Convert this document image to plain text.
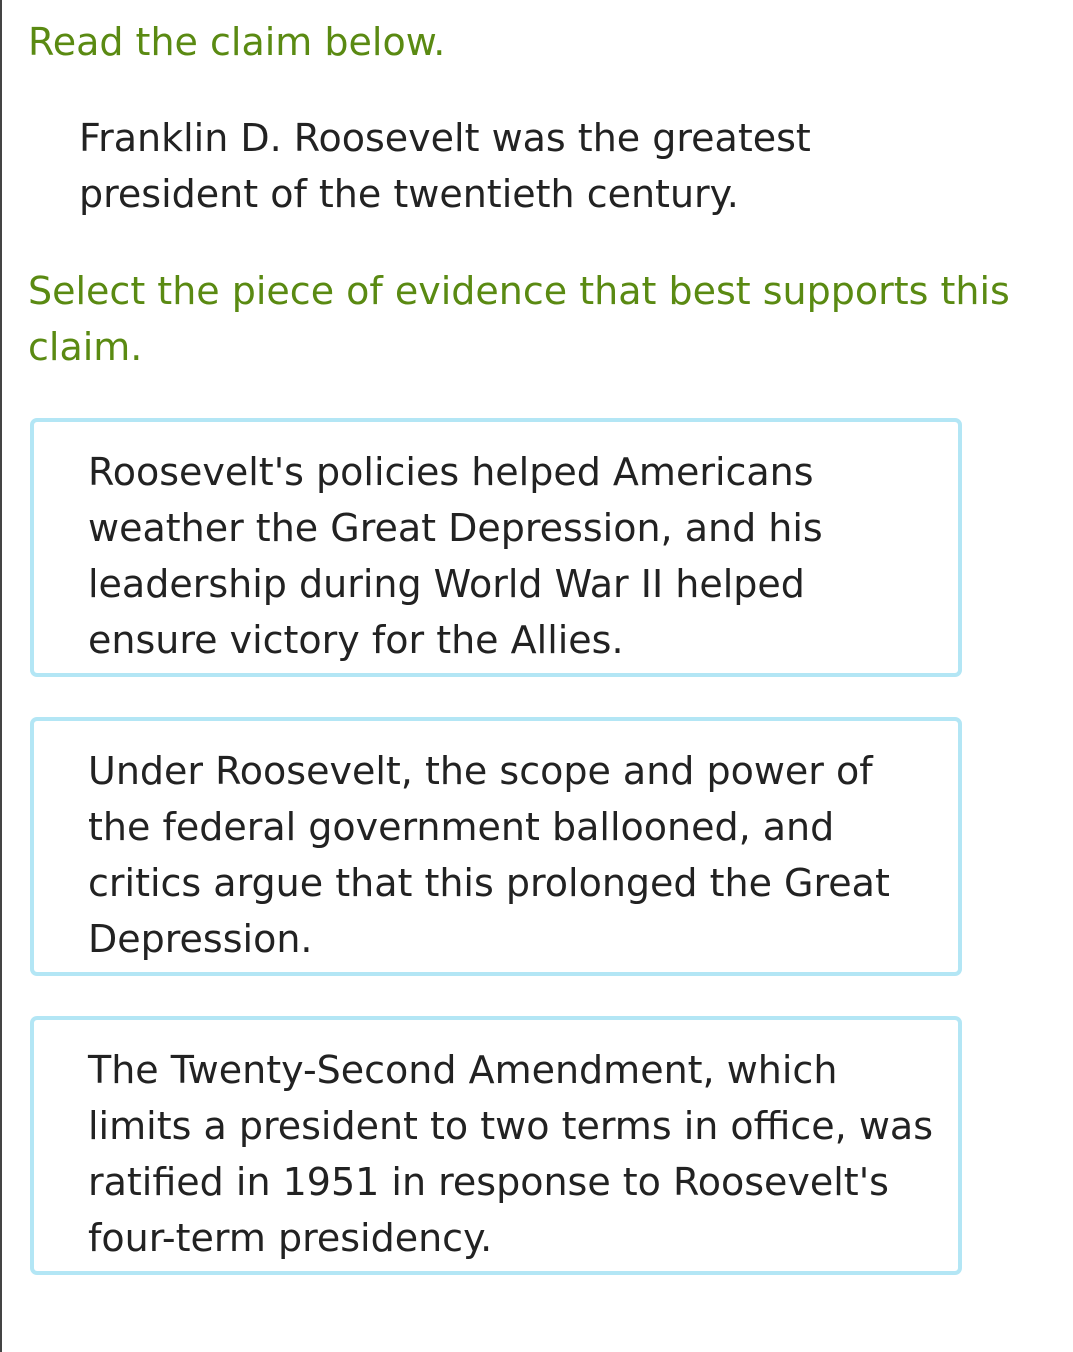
Read the claim below.

Franklin D. Roosevelt was the greatest president of the twentieth century.

Select the piece of evidence that best supports this claim.

Roosevelt's policies helped Americans weather the Great Depression, and his leadership during World War II helped ensure victory for the Allies.
Under Roosevelt, the scope and power of the federal government ballooned, and critics argue that this prolonged the Great Depression.
The Twenty-Second Amendment, which limits a president to two terms in office, was ratified in 1951 in response to Roosevelt's four-term presidency.
